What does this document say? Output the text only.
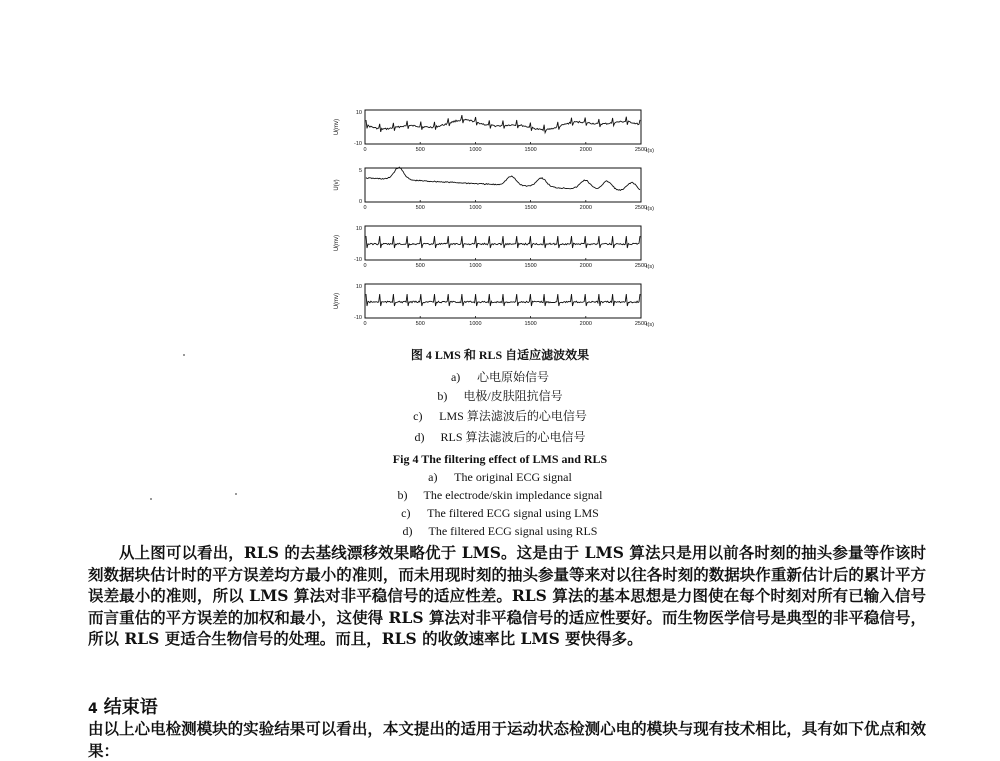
U(mv)
10
-10
0	500	1000	1500	2000	2500
t(s)
U(v)
5
0
0	500	1000	1500	2000	2500
t(s)
U(mv)
10
-10
0	500	1000	1500	2000	2500
t(s)
U(mv)
10
-10
0	500	1000	1500	2000	2500
t(s)
图 4 LMS 和 RLS 自适应滤波效果
a) 心电原始信号
b) 电极/皮肤阻抗信号
c) LMS 算法滤波后的心电信号
d) RLS 算法滤波后的心电信号
Fig 4 The filtering effect of LMS and RLS
a) The original ECG signal
b) The electrode/skin impledance signal
c) The filtered ECG signal using LMS
d) The filtered ECG signal using RLS

从上图可以看出，RLS 的去基线漂移效果略优于 LMS。这是由于 LMS 算法只是用以前各时刻的抽头参量等作该时刻数据块估计时的平方误差均方最小的准则，而未用现时刻的抽头参量等来对以往各时刻的数据块作重新估计后的累计平方误差最小的准则，所以 LMS 算法对非平稳信号的适应性差。RLS 算法的基本思想是力图使在每个时刻对所有已输入信号而言重估的平方误差的加权和最小，这使得 RLS 算法对非平稳信号的适应性要好。而生物医学信号是典型的非平稳信号，所以 RLS 更适合生物信号的处理。而且，RLS 的收敛速率比 LMS 要快得多。

4 结束语

由以上心电检测模块的实验结果可以看出，本文提出的适用于运动状态检测心电的模块与现有技术相比，具有如下优点和效果：
